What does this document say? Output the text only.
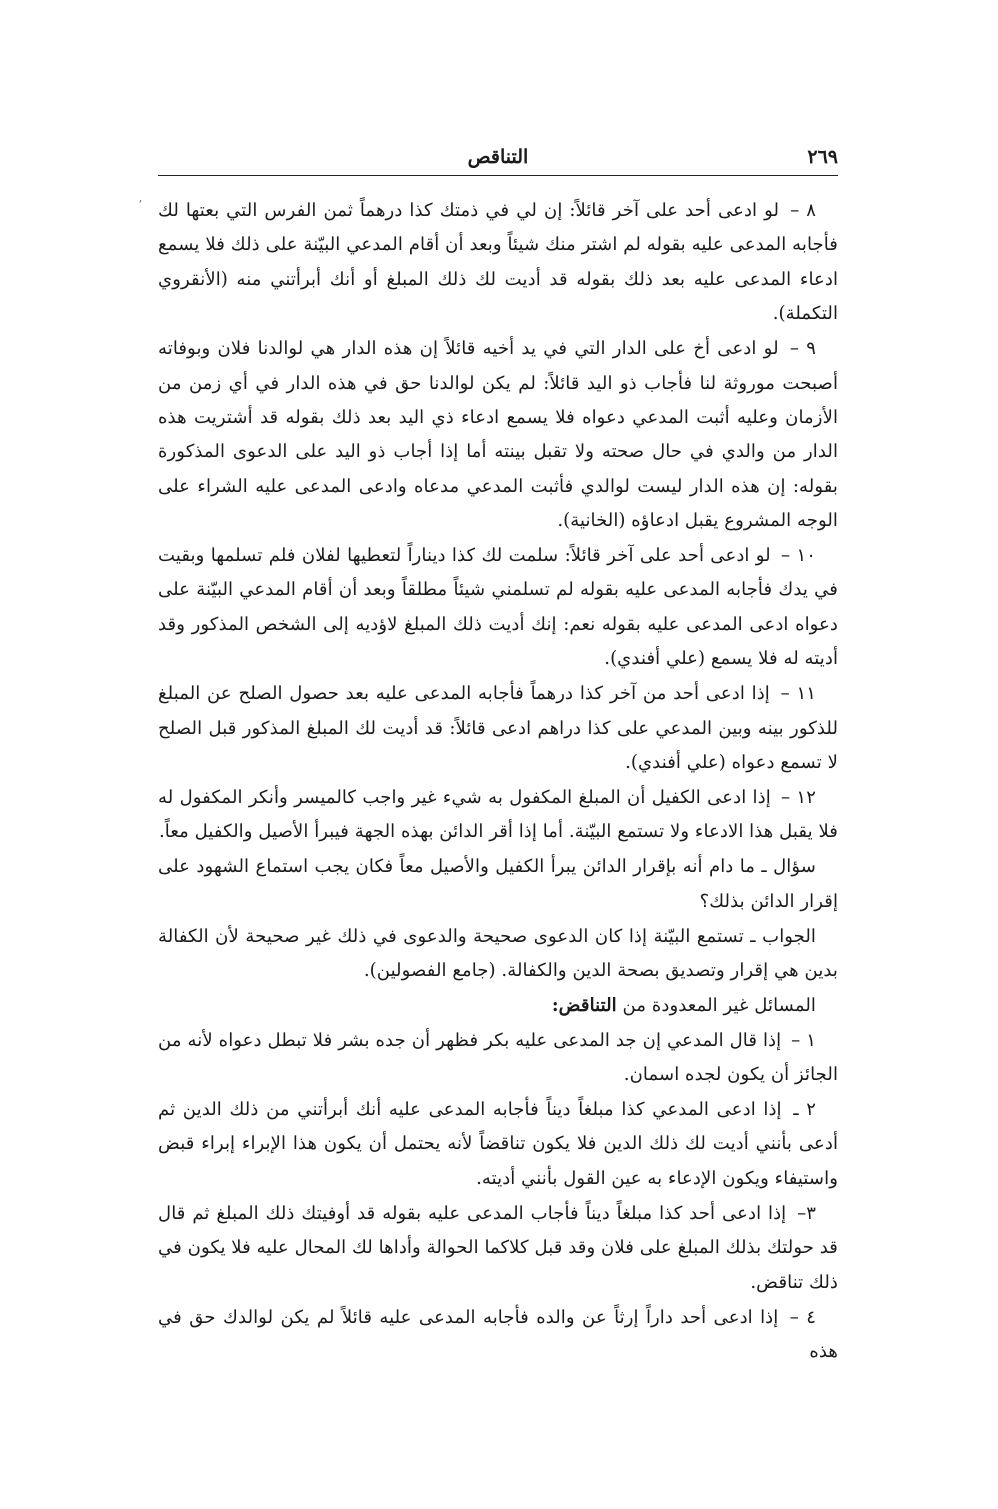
ʼ
التناقص	٢٦٩

٨ – لو ادعى أحد على آخر قائلاً: إن لي في ذمتك كذا درهماً ثمن الفرس التي بعتها لك فأجابه المدعى عليه بقوله لم اشتر منك شيئاً وبعد أن أقام المدعي البيّنة على ذلك فلا يسمع ادعاء المدعى عليه بعد ذلك بقوله قد أديت لك ذلك المبلغ أو أنك أبرأتني منه (الأنقروي التكملة).

٩ – لو ادعى أخ على الدار التي في يد أخيه قائلاً إن هذه الدار هي لوالدنا فلان وبوفاته أصبحت موروثة لنا فأجاب ذو اليد قائلاً: لم يكن لوالدنا حق في هذه الدار في أي زمن من الأزمان وعليه أثبت المدعي دعواه فلا يسمع ادعاء ذي اليد بعد ذلك بقوله قد أشتريت هذه الدار من والدي في حال صحته ولا تقبل بينته أما إذا أجاب ذو اليد على الدعوى المذكورة بقوله: إن هذه الدار ليست لوالدي فأثبت المدعي مدعاه وادعى المدعى عليه الشراء على الوجه المشروع يقبل ادعاؤه (الخانية).

١٠ – لو ادعى أحد على آخر قائلاً: سلمت لك كذا ديناراً لتعطيها لفلان فلم تسلمها وبقيت في يدك فأجابه المدعى عليه بقوله لم تسلمني شيئاً مطلقاً وبعد أن أقام المدعي البيّنة على دعواه ادعى المدعى عليه بقوله نعم: إنك أديت ذلك المبلغ لاؤديه إلى الشخص المذكور وقد أديته له فلا يسمع (علي أفندي).

١١ – إذا ادعى أحد من آخر كذا درهماً فأجابه المدعى عليه بعد حصول الصلح عن المبلغ للذكور بينه وبين المدعي على كذا دراهم ادعى قائلاً: قد أديت لك المبلغ المذكور قبل الصلح لا تسمع دعواه (علي أفندي).

١٢ – إذا ادعى الكفيل أن المبلغ المكفول به شيء غير واجب كالميسر وأنكر المكفول له فلا يقبل هذا الادعاء ولا تستمع البيّنة. أما إذا أقر الدائن بهذه الجهة فيبرأ الأصيل والكفيل معاً.

سؤال ـ ما دام أنه بإقرار الدائن يبرأ الكفيل والأصيل معاً فكان يجب استماع الشهود على إقرار الدائن بذلك؟

الجواب ـ تستمع البيّنة إذا كان الدعوى صحيحة والدعوى في ذلك غير صحيحة لأن الكفالة بدين هي إقرار وتصديق بصحة الدين والكفالة. (جامع الفصولين).

المسائل غير المعدودة من التناقض:

١ – إذا قال المدعي إن جد المدعى عليه بكر فظهر أن جده بشر فلا تبطل دعواه لأنه من الجائز أن يكون لجده اسمان.

٢ ـ إذا ادعى المدعي كذا مبلغاً ديناً فأجابه المدعى عليه أنك أبرأتني من ذلك الدين ثم أدعى بأنني أديت لك ذلك الدين فلا يكون تناقضاً لأنه يحتمل أن يكون هذا الإبراء إبراء قبض واستيفاء ويكون الإدعاء به عين القول بأنني أديته.

٣– إذا ادعى أحد كذا مبلغاً ديناً فأجاب المدعى عليه بقوله قد أوفيتك ذلك المبلغ ثم قال قد حولتك بذلك المبلغ على فلان وقد قبل كلاكما الحوالة وأداها لك المحال عليه فلا يكون في ذلك تناقض.

٤ – إذا ادعى أحد داراً إرثاً عن والده فأجابه المدعى عليه قائلاً لم يكن لوالدك حق في هذه
